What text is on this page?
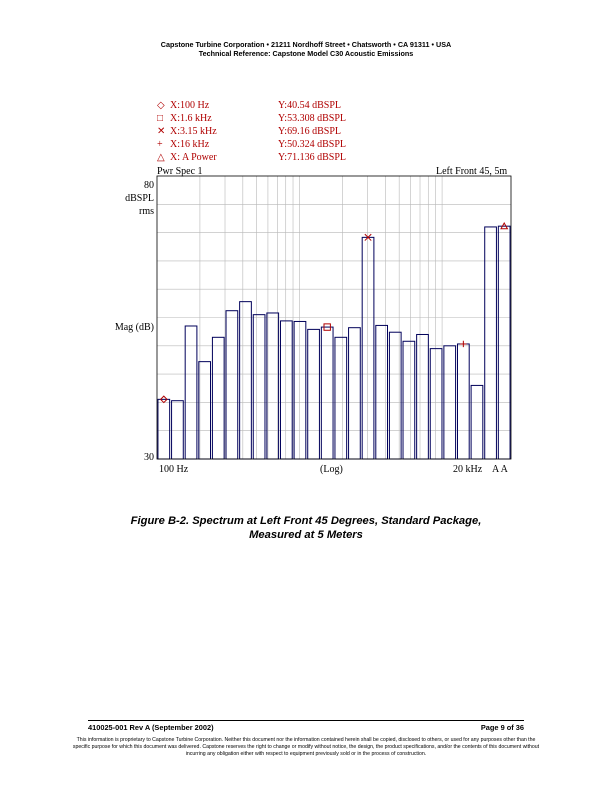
Capstone Turbine Corporation • 21211 Nordhoff Street • Chatsworth • CA 91311 • USA
Technical Reference: Capstone Model C30 Acoustic Emissions
◇ X:100 Hz	Y:40.54 dBSPL
□ X:1.6 kHz	Y:53.308 dBSPL
✕ X:3.15 kHz	Y:69.16 dBSPL
+ X:16 kHz	Y:50.324 dBSPL
△ X: A Power	Y:71.136 dBSPL
Pwr Spec 1	Left Front 45, 5m
80
dBSPL
rms
Mag (dB)
30
100 Hz	(Log)	20 kHz A A
Figure B-2. Spectrum at Left Front 45 Degrees, Standard Package,
Measured at 5 Meters
410025-001 Rev A (September 2002)	Page 9 of 36
This information is proprietary to Capstone Turbine Corporation. Neither this document nor the information contained herein shall be copied, disclosed to others, or used for any purposes other than the specific purpose for which this document was delivered. Capstone reserves the right to change or modify without notice, the design, the product specifications, and/or the contents of this document without incurring any obligation either with respect to equipment previously sold or in the process of construction.
